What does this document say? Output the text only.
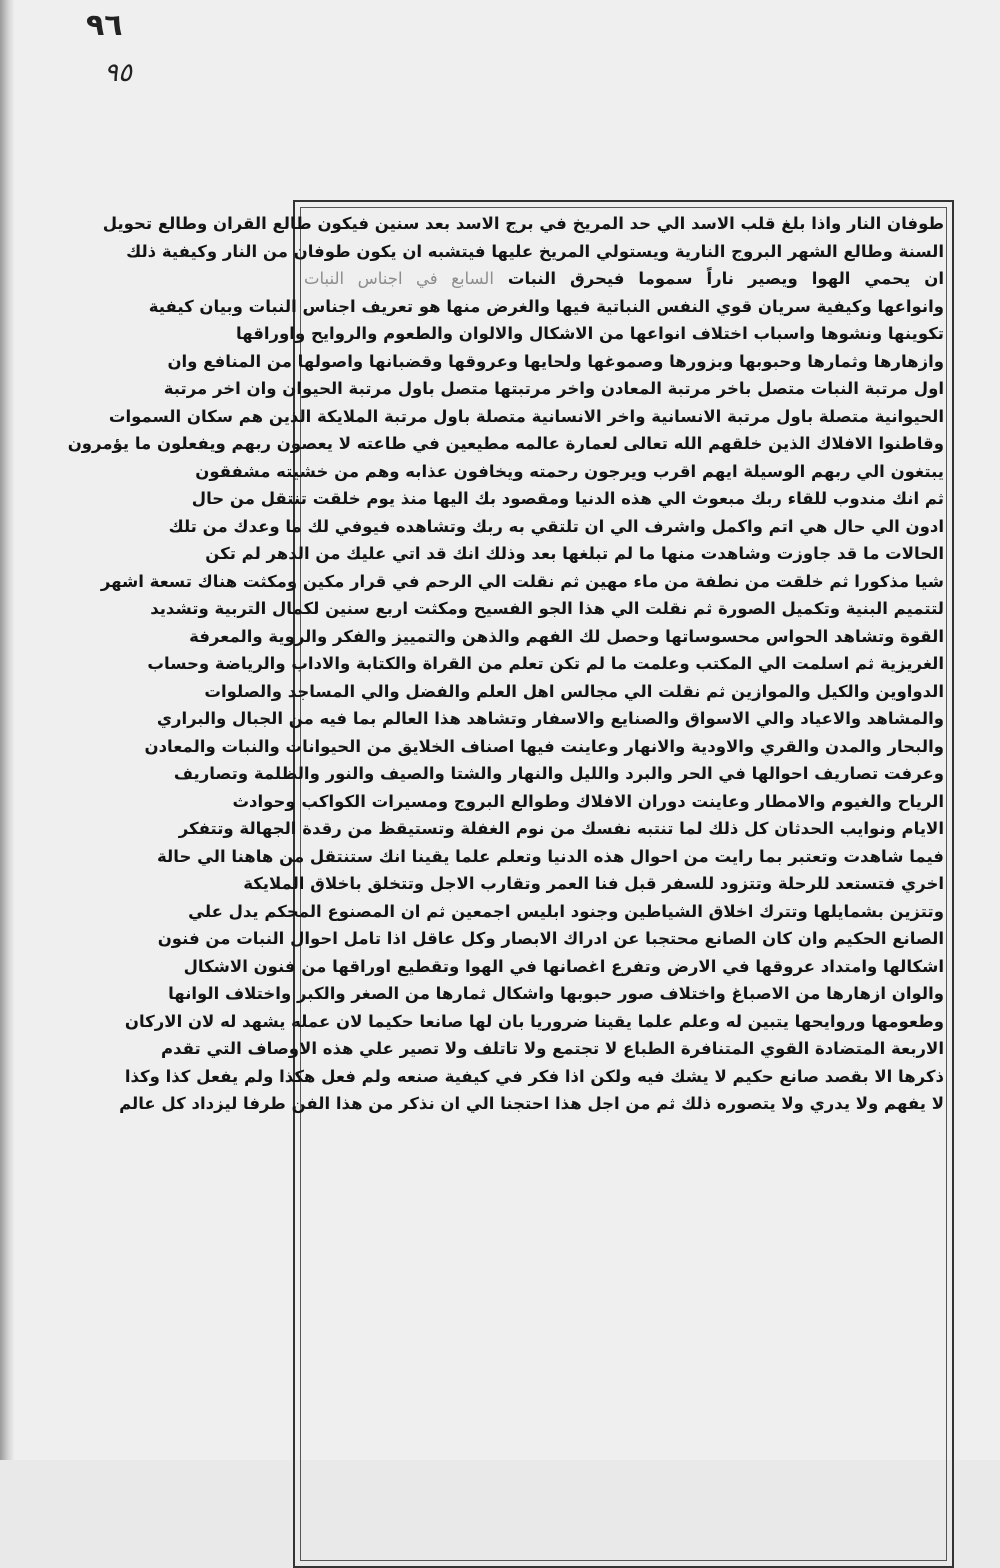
٩٦
٩٥
طوفان النار واذا بلغ قلب الاسد الي حد المريخ في برج الاسد بعد سنين فيكون طالع القران وطالع تحويل
السنة وطالع الشهر البروج النارية ويستولي المريخ عليها فيتشبه ان يكون طوفان من النار وكيفية ذلك
ان يحمي الهوا ويصير ناراً سموما فيحرق النبات السابع في اجناس النبات
وانواعها وكيفية سريان قوي النفس النباتية فيها والغرض منها هو تعريف اجناس النبات وبيان كيفية
تكوينها ونشوها واسباب اختلاف انواعها من الاشكال والالوان والطعوم والروايح واوراقها
وازهارها وثمارها وحبوبها وبزورها وصموغها ولحايها وعروقها وقضبانها واصولها من المنافع وان
اول مرتبة النبات متصل باخر مرتبة المعادن واخر مرتبتها متصل باول مرتبة الحيوان وان اخر مرتبة
الحيوانية متصلة باول مرتبة الانسانية واخر الانسانية متصلة باول مرتبة الملايكة الذين هم سكان السموات
وقاطنوا الافلاك الذين خلقهم الله تعالى لعمارة عالمه مطيعين في طاعته لا يعصون ربهم ويفعلون ما يؤمرون
يبتغون الي ربهم الوسيلة ايهم اقرب ويرجون رحمته ويخافون عذابه وهم من خشيته مشفقون
ثم انك مندوب للقاء ربك مبعوث الي هذه الدنيا ومقصود بك اليها منذ يوم خلقت تنتقل من حال
ادون الي حال هي اتم واكمل واشرف الي ان تلتقي به ربك وتشاهده فيوفي لك ما وعدك من تلك
الحالات ما قد جاوزت وشاهدت منها ما لم تبلغها بعد وذلك انك قد اتي عليك من الدهر لم تكن
شيا مذكورا ثم خلقت من نطفة من ماء مهين ثم نقلت الي الرحم في قرار مكين ومكثت هناك تسعة اشهر
لتتميم البنية وتكميل الصورة ثم نقلت الي هذا الجو الفسيح ومكثت اربع سنين لكمال التربية وتشديد
القوة وتشاهد الحواس محسوساتها وحصل لك الفهم والذهن والتمييز والفكر والروية والمعرفة
الغريزية ثم اسلمت الي المكتب وعلمت ما لم تكن تعلم من القراة والكتابة والاداب والرياضة وحساب
الدواوين والكيل والموازين ثم نقلت الي مجالس اهل العلم والفضل والي المساجد والصلوات
والمشاهد والاعياد والي الاسواق والصنايع والاسفار وتشاهد هذا العالم بما فيه من الجبال والبراري
والبحار والمدن والقري والاودية والانهار وعاينت فيها اصناف الخلايق من الحيوانات والنبات والمعادن
وعرفت تصاريف احوالها في الحر والبرد والليل والنهار والشتا والصيف والنور والظلمة وتصاريف
الرياح والغيوم والامطار وعاينت دوران الافلاك وطوالع البروج ومسيرات الكواكب وحوادث
الايام ونوايب الحدثان كل ذلك لما تنتبه نفسك من نوم الغفلة وتستيقظ من رقدة الجهالة وتتفكر
فيما شاهدت وتعتبر بما رايت من احوال هذه الدنيا وتعلم علما يقينا انك ستنتقل من هاهنا الي حالة
اخري فتستعد للرحلة وتتزود للسفر قبل فنا العمر وتقارب الاجل وتتخلق باخلاق الملايكة
وتتزين بشمايلها وتترك اخلاق الشياطين وجنود ابليس اجمعين ثم ان المصنوع المحكم يدل علي
الصانع الحكيم وان كان الصانع محتجبا عن ادراك الابصار وكل عاقل اذا تامل احوال النبات من فنون
اشكالها وامتداد عروقها في الارض وتفرع اغصانها في الهوا وتقطيع اوراقها من فنون الاشكال
والوان ازهارها من الاصباغ واختلاف صور حبوبها واشكال ثمارها من الصغر والكبر واختلاف الوانها
وطعومها وروايحها يتبين له وعلم علما يقينا ضروريا بان لها صانعا حكيما لان عمله يشهد له لان الاركان
الاربعة المتضادة القوي المتنافرة الطباع لا تجتمع ولا تاتلف ولا تصير علي هذه الاوصاف التي تقدم
ذكرها الا بقصد صانع حكيم لا يشك فيه ولكن اذا فكر في كيفية صنعه ولم فعل هكذا ولم يفعل كذا وكذا
لا يفهم ولا يدري ولا يتصوره ذلك ثم من اجل هذا احتجنا الي ان نذكر من هذا الفن طرفا ليزداد كل عالم
